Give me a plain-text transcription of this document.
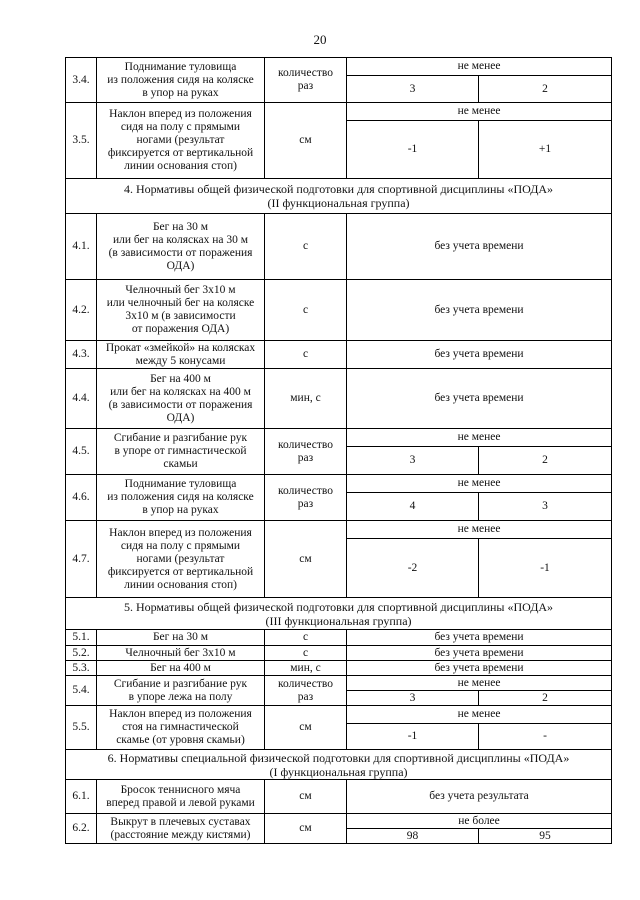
20
3.4.	Поднимание туловища
из положения сидя на коляске
в упор на руках	количество
раз	не менее	
			3	2
3.5.	Наклон вперед из положения
сидя на полу с прямыми
ногами (результат
фиксируется от вертикальной
линии основания стоп)	см	не менее	
			-1	+1
4. Нормативы общей физической подготовки для спортивной дисциплины «ПОДА»
(II функциональная группа)				
4.1.	Бег на 30 м
или бег на колясках на 30 м
(в зависимости от поражения
ОДА)	с	без учета времени	
4.2.	Челночный бег 3х10 м
или челночный бег на коляске
3х10 м (в зависимости
от поражения ОДА)	с	без учета времени	
4.3.	Прокат «змейкой» на колясках
между 5 конусами	с	без учета времени	
4.4.	Бег на 400 м
или бег на колясках на 400 м
(в зависимости от поражения
ОДА)	мин, с	без учета времени	
4.5.	Сгибание и разгибание рук
в упоре от гимнастической
скамьи	количество
раз	не менее	
			3	2
4.6.	Поднимание туловища
из положения сидя на коляске
в упор на руках	количество
раз	не менее	
			4	3
4.7.	Наклон вперед из положения
сидя на полу с прямыми
ногами (результат
фиксируется от вертикальной
линии основания стоп)	см	не менее	
			-2	-1
5. Нормативы общей физической подготовки для спортивной дисциплины «ПОДА»
(III функциональная группа)				
5.1.	Бег на 30 м	с	без учета времени	
5.2.	Челночный бег 3х10 м	с	без учета времени	
5.3.	Бег на 400 м	мин, с	без учета времени	
5.4.	Сгибание и разгибание рук
в упоре лежа на полу	количество
раз	не менее	
			3	2
5.5.	Наклон вперед из положения
стоя на гимнастической
скамье (от уровня скамьи)	см	не менее	
			-1	-
6. Нормативы специальной физической подготовки для спортивной дисциплины «ПОДА»
(I функциональная группа)				
6.1.	Бросок теннисного мяча
вперед правой и левой руками	см	без учета результата	
6.2.	Выкрут в плечевых суставах
(расстояние между кистями)	см	не более	
			98	95
